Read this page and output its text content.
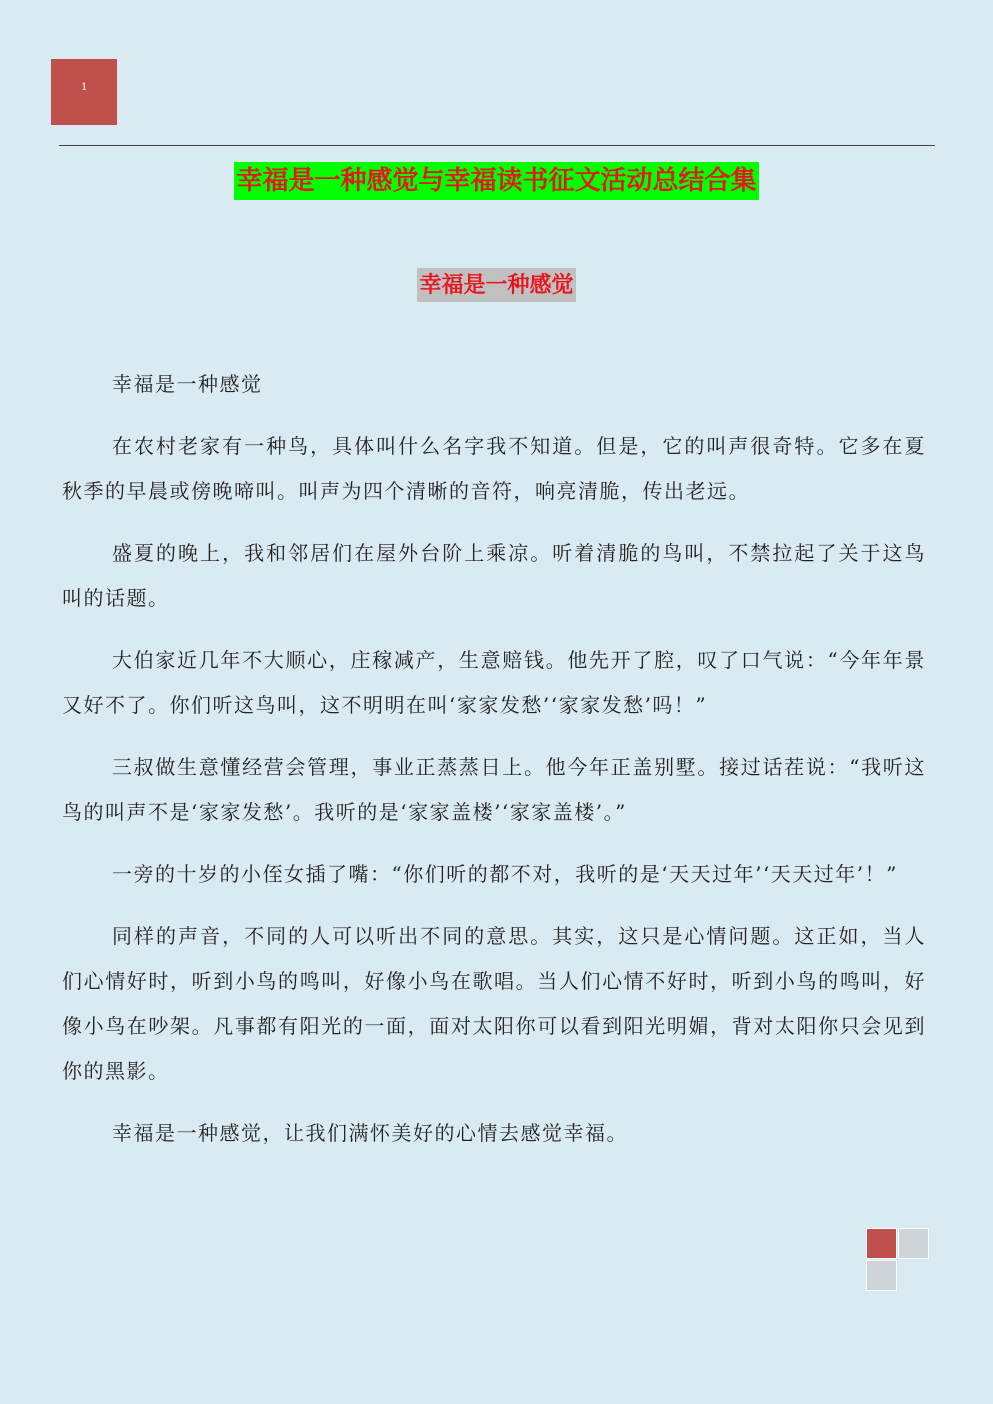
1
幸福是一种感觉与幸福读书征文活动总结合集
幸福是一种感觉

幸福是一种感觉

在农村老家有一种鸟，具体叫什么名字我不知道。但是，它的叫声很奇特。它多在夏秋季的早晨或傍晚啼叫。叫声为四个清晰的音符，响亮清脆，传出老远。

盛夏的晚上，我和邻居们在屋外台阶上乘凉。听着清脆的鸟叫，不禁拉起了关于这鸟叫的话题。

大伯家近几年不大顺心，庄稼减产，生意赔钱。他先开了腔，叹了口气说：“今年年景又好不了。你们听这鸟叫，这不明明在叫‘家家发愁’‘家家发愁’吗！”

三叔做生意懂经营会管理，事业正蒸蒸日上。他今年正盖别墅。接过话茬说：“我听这鸟的叫声不是‘家家发愁’。我听的是‘家家盖楼’‘家家盖楼’。”

一旁的十岁的小侄女插了嘴：“你们听的都不对，我听的是‘天天过年’‘天天过年’！”

同样的声音，不同的人可以听出不同的意思。其实，这只是心情问题。这正如，当人们心情好时，听到小鸟的鸣叫，好像小鸟在歌唱。当人们心情不好时，听到小鸟的鸣叫，好像小鸟在吵架。凡事都有阳光的一面，面对太阳你可以看到阳光明媚，背对太阳你只会见到你的黑影。

幸福是一种感觉，让我们满怀美好的心情去感觉幸福。
